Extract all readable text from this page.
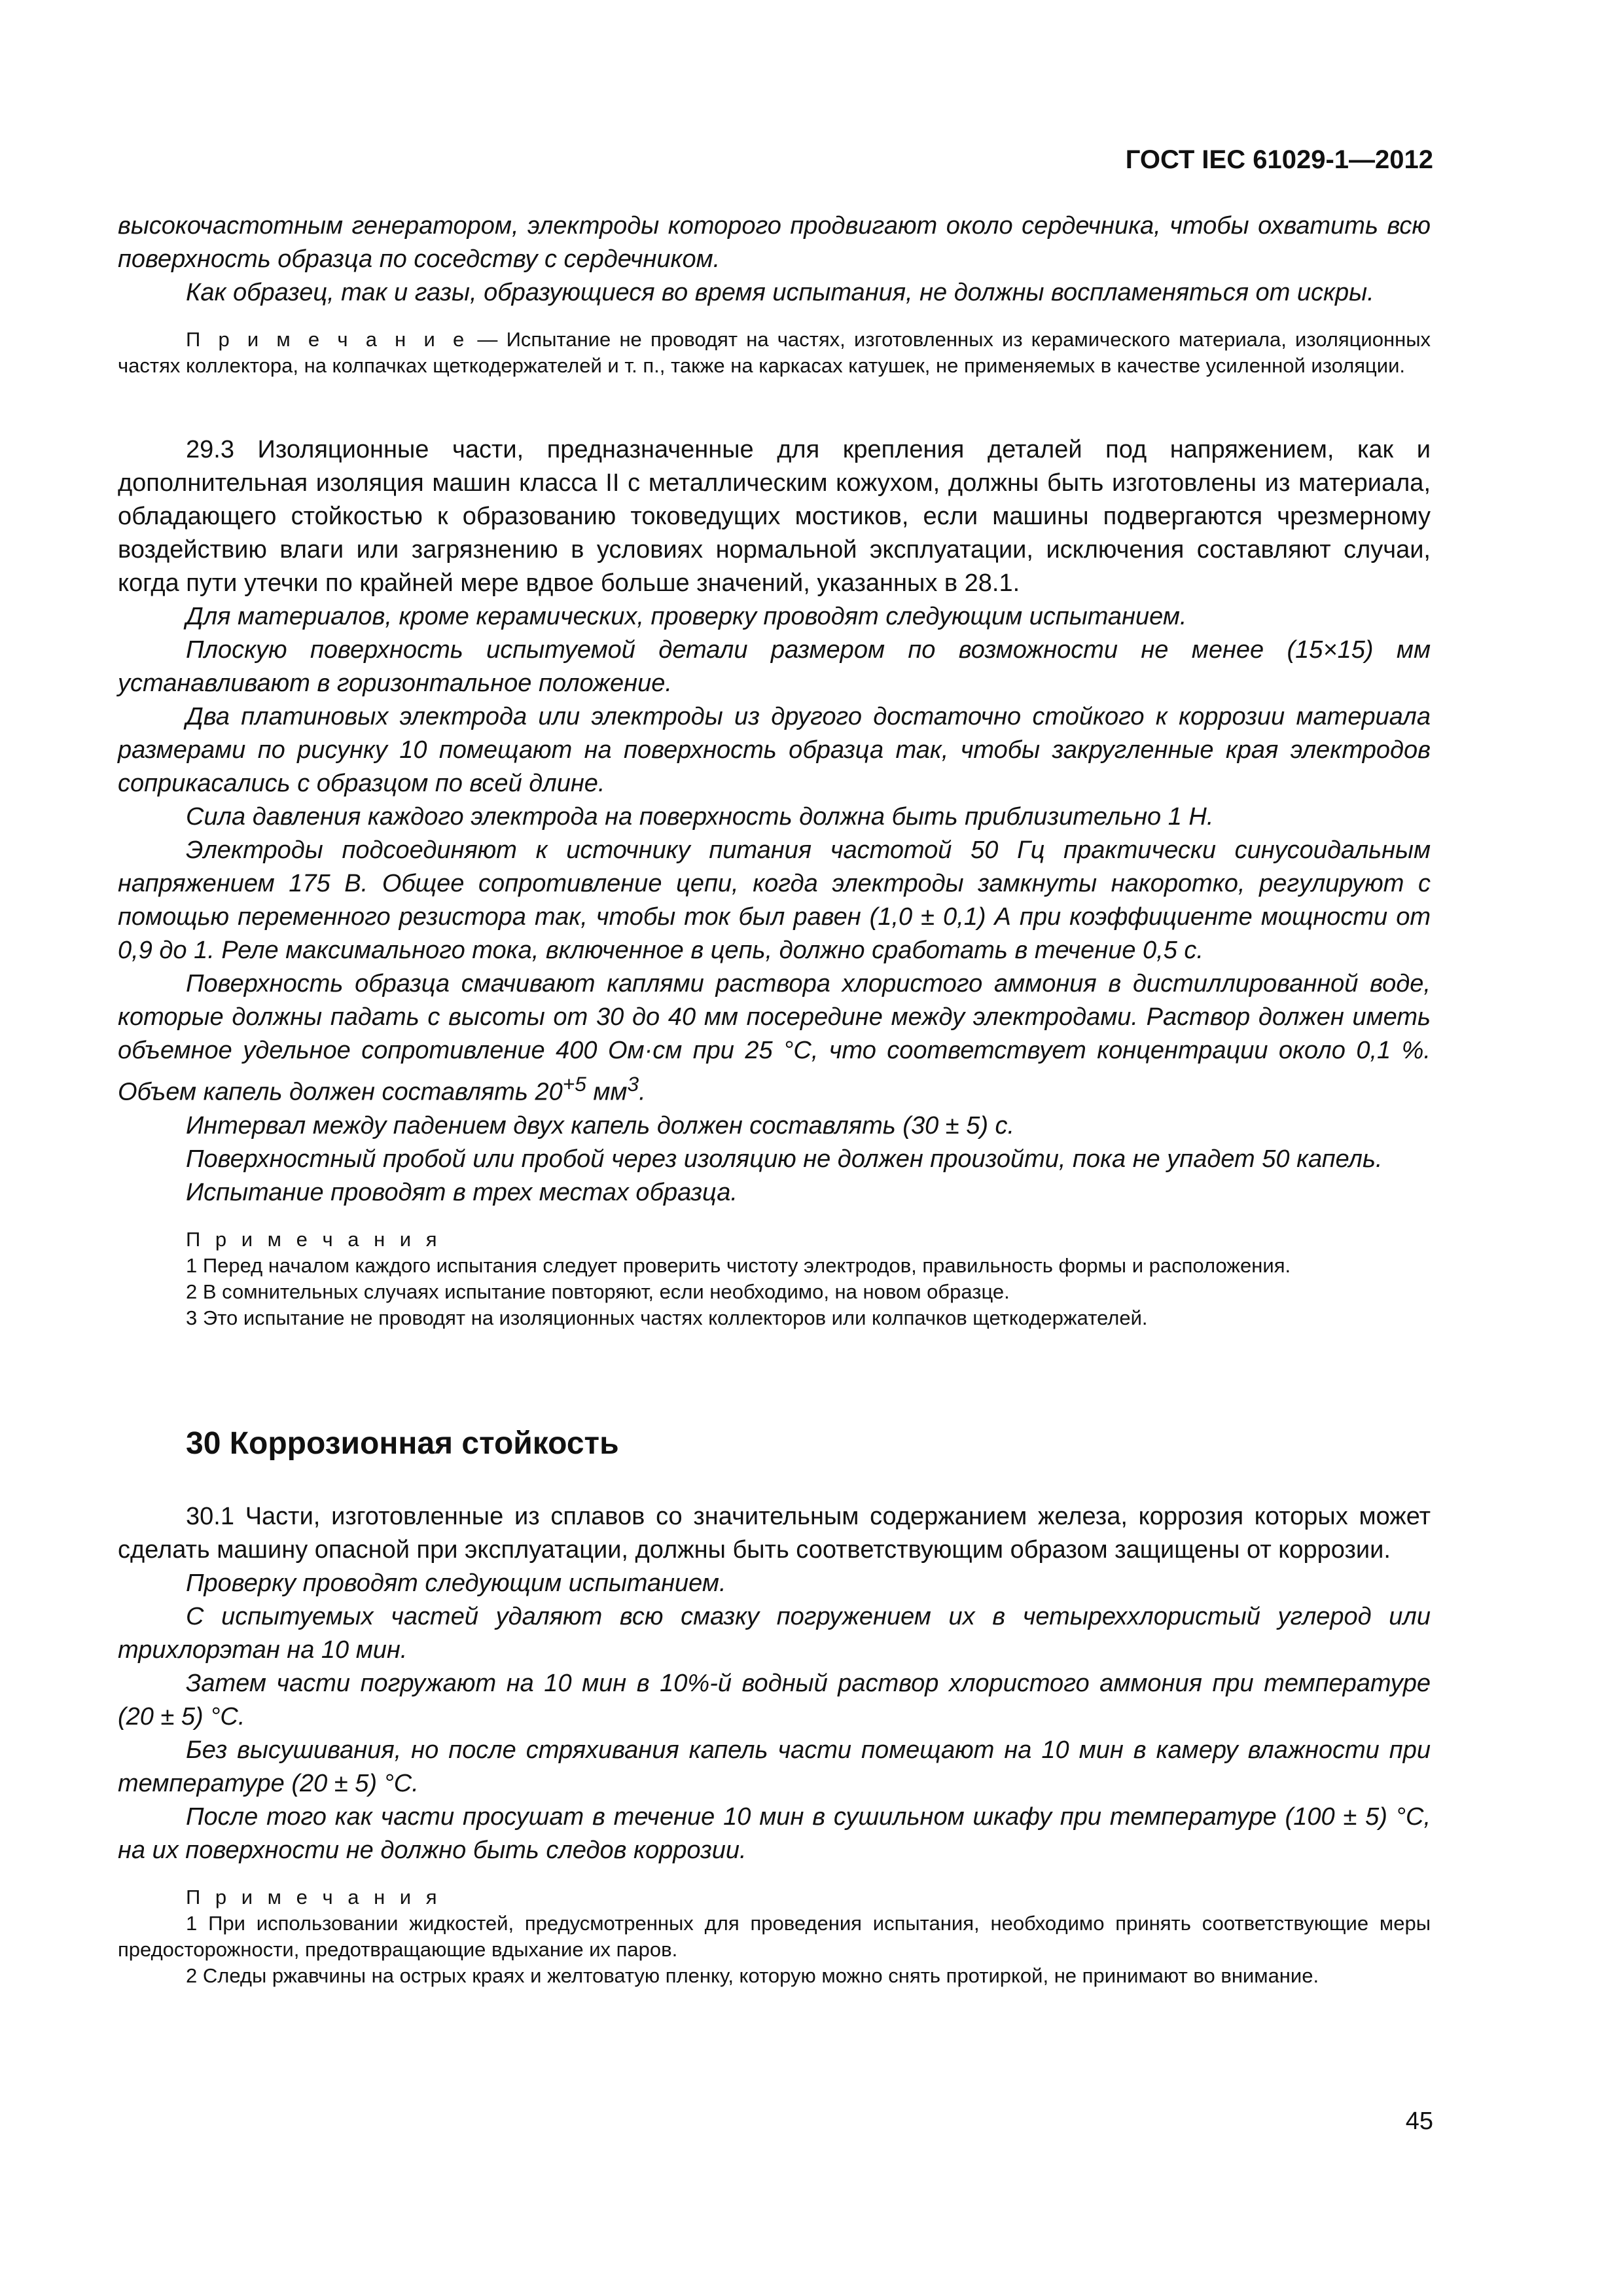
ГОСТ IEC 61029-1—2012

высокочастотным генератором, электроды которого продвигают около сердечника, чтобы охватить всю поверхность образца по соседству с сердечником.

Как образец, так и газы, образующиеся во время испытания, не должны воспламеняться от искры.

П р и м е ч а н и е — Испытание не проводят на частях, изготовленных из керамического материала, изоляционных частях коллектора, на колпачках щеткодержателей и т. п., также на каркасах катушек, не применяемых в качестве усиленной изоляции.

29.3 Изоляционные части, предназначенные для крепления деталей под напряжением, как и дополнительная изоляция машин класса II с металлическим кожухом, должны быть изготовлены из материала, обладающего стойкостью к образованию токоведущих мостиков, если машины подвергаются чрезмерному воздействию влаги или загрязнению в условиях нормальной эксплуатации, исключения составляют случаи, когда пути утечки по крайней мере вдвое больше значений, указанных в 28.1.

Для материалов, кроме керамических, проверку проводят следующим испытанием.

Плоскую поверхность испытуемой детали размером по возможности не менее (15×15) мм устанавливают в горизонтальное положение.

Два платиновых электрода или электроды из другого достаточно стойкого к коррозии материала размерами по рисунку 10 помещают на поверхность образца так, чтобы закругленные края электродов соприкасались с образцом по всей длине.

Сила давления каждого электрода на поверхность должна быть приблизительно 1 Н.

Электроды подсоединяют к источнику питания частотой 50 Гц практически синусоидальным напряжением 175 В. Общее сопротивление цепи, когда электроды замкнуты накоротко, регулируют с помощью переменного резистора так, чтобы ток был равен (1,0 ± 0,1) А при коэффициенте мощности от 0,9 до 1. Реле максимального тока, включенное в цепь, должно сработать в течение 0,5 с.

Поверхность образца смачивают каплями раствора хлористого аммония в дистиллированной воде, которые должны падать с высоты от 30 до 40 мм посередине между электродами. Раствор должен иметь объемное удельное сопротивление 400 Ом·см при 25 °С, что соответствует концентрации около 0,1 %. Объем капель должен составлять $20^{+5}$ $мм^3$.

Интервал между падением двух капель должен составлять (30 ± 5) с.

Поверхностный пробой или пробой через изоляцию не должен произойти, пока не упадет 50 капель.

Испытание проводят в трех местах образца.

П р и м е ч а н и я

1 Перед началом каждого испытания следует проверить чистоту электродов, правильность формы и расположения.

2 В сомнительных случаях испытание повторяют, если необходимо, на новом образце.

3 Это испытание не проводят на изоляционных частях коллекторов или колпачков щеткодержателей.

30 Коррозионная стойкость

30.1 Части, изготовленные из сплавов со значительным содержанием железа, коррозия которых может сделать машину опасной при эксплуатации, должны быть соответствующим образом защищены от коррозии.

Проверку проводят следующим испытанием.

С испытуемых частей удаляют всю смазку погружением их в четыреххлористый углерод или трихлорэтан на 10 мин.

Затем части погружают на 10 мин в 10%-й водный раствор хлористого аммония при температуре (20 ± 5) °С.

Без высушивания, но после стряхивания капель части помещают на 10 мин в камеру влажности при температуре (20 ± 5) °С.

После того как части просушат в течение 10 мин в сушильном шкафу при температуре (100 ± 5) °С, на их поверхности не должно быть следов коррозии.

П р и м е ч а н и я

1 При использовании жидкостей, предусмотренных для проведения испытания, необходимо принять соответствующие меры предосторожности, предотвращающие вдыхание их паров.

2 Следы ржавчины на острых краях и желтоватую пленку, которую можно снять протиркой, не принимают во внимание.

45
